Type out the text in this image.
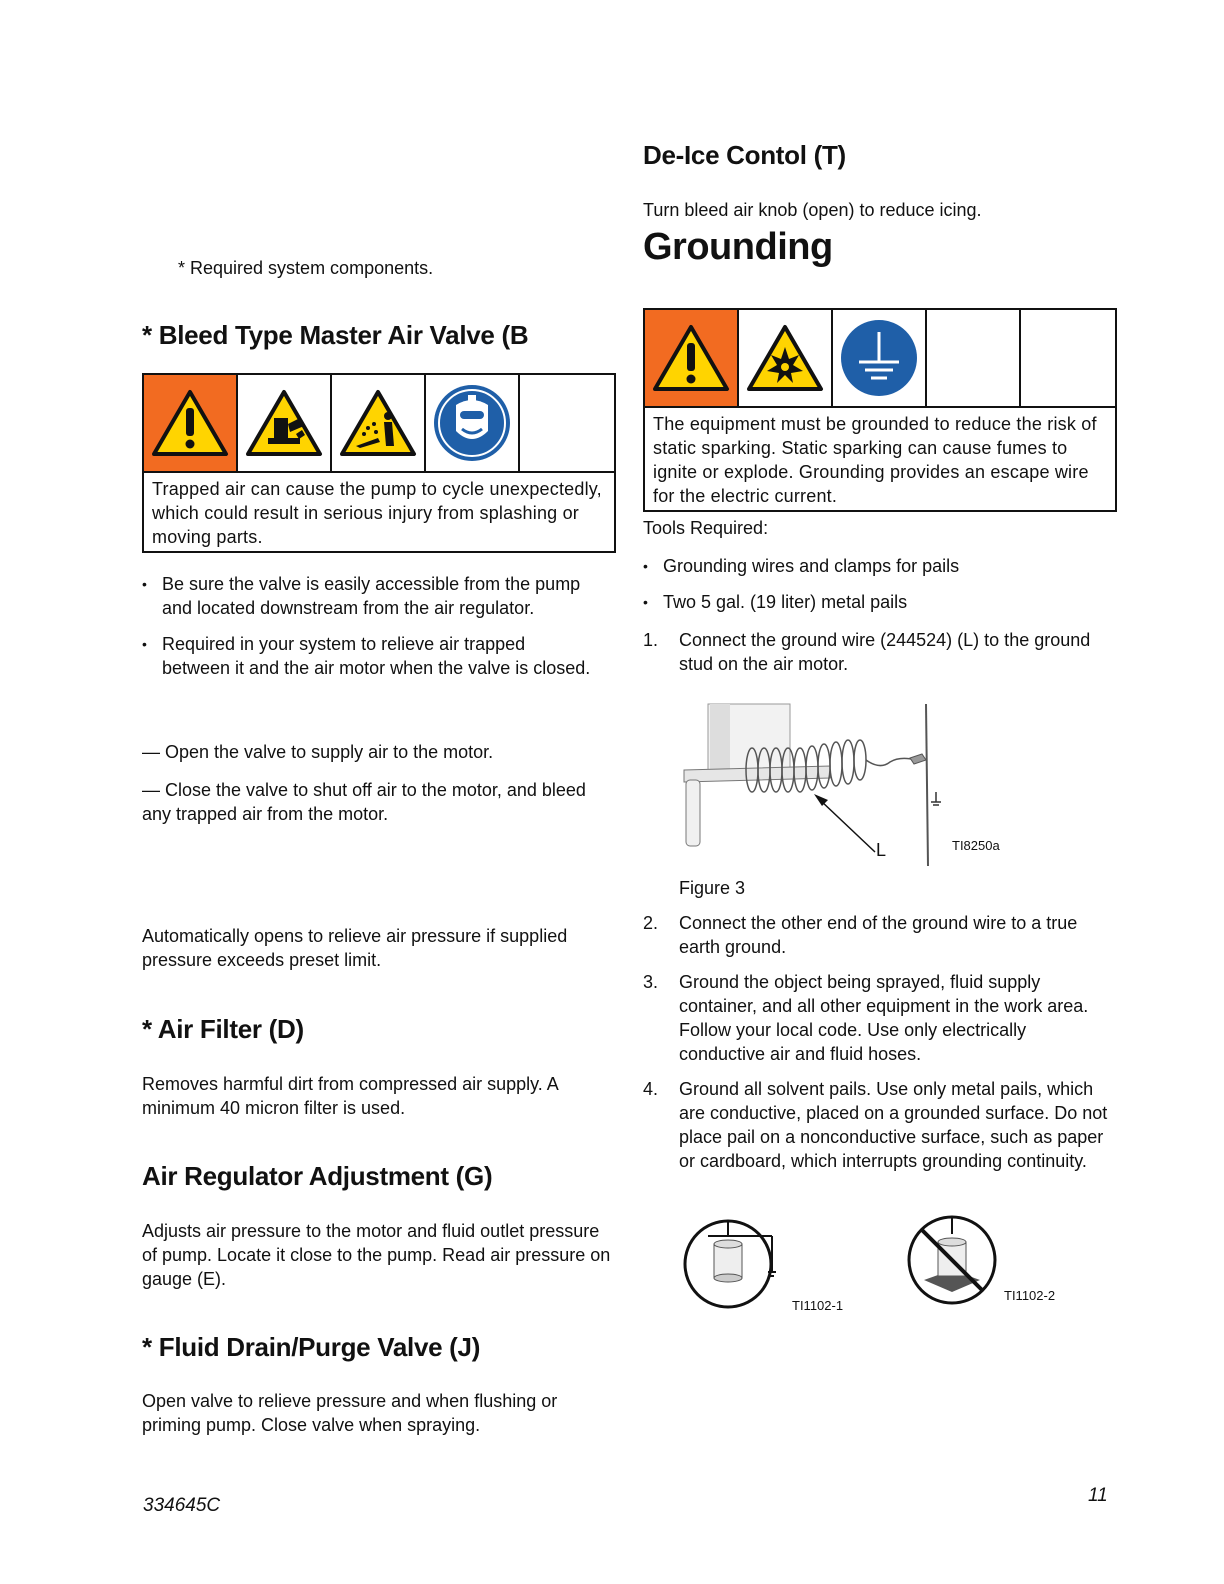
* Required system components.
* Bleed Type Master Air Valve (B
Trapped air can cause the pump to cycle unexpectedly, which could result in serious injury from splashing or moving parts.
• Be sure the valve is easily accessible from the pump and located downstream from the air regulator.
• Required in your system to relieve air trapped between it and the air motor when the valve is closed.
— Open the valve to supply air to the motor.
— Close the valve to shut off air to the motor, and bleed any trapped air from the motor.
Automatically opens to relieve air pressure if supplied pressure exceeds preset limit.
* Air Filter (D)
Removes harmful dirt from compressed air supply. A minimum 40 micron filter is used.
Air Regulator Adjustment (G)
Adjusts air pressure to the motor and fluid outlet pressure of pump. Locate it close to the pump. Read air pressure on gauge (E).
* Fluid Drain/Purge Valve (J)
Open valve to relieve pressure and when flushing or priming pump. Close valve when spraying.
De-Ice Contol (T)
Turn bleed air knob (open) to reduce icing.
Grounding
The equipment must be grounded to reduce the risk of static sparking. Static sparking can cause fumes to ignite or explode. Grounding provides an escape wire for the electric current.
Tools Required:
• Grounding wires and clamps for pails
• Two 5 gal. (19 liter) metal pails
1. Connect the ground wire (244524) (L) to the ground stud on the air motor.
L	TI8250a
Figure 3
2. Connect the other end of the ground wire to a true earth ground.
3. Ground the object being sprayed, fluid supply container, and all other equipment in the work area. Follow your local code. Use only electrically conductive air and fluid hoses.
4. Ground all solvent pails. Use only metal pails, which are conductive, placed on a grounded surface. Do not place pail on a nonconductive surface, such as paper or cardboard, which interrupts grounding continuity.
TI1102-1
TI1102-2
334645C	11
